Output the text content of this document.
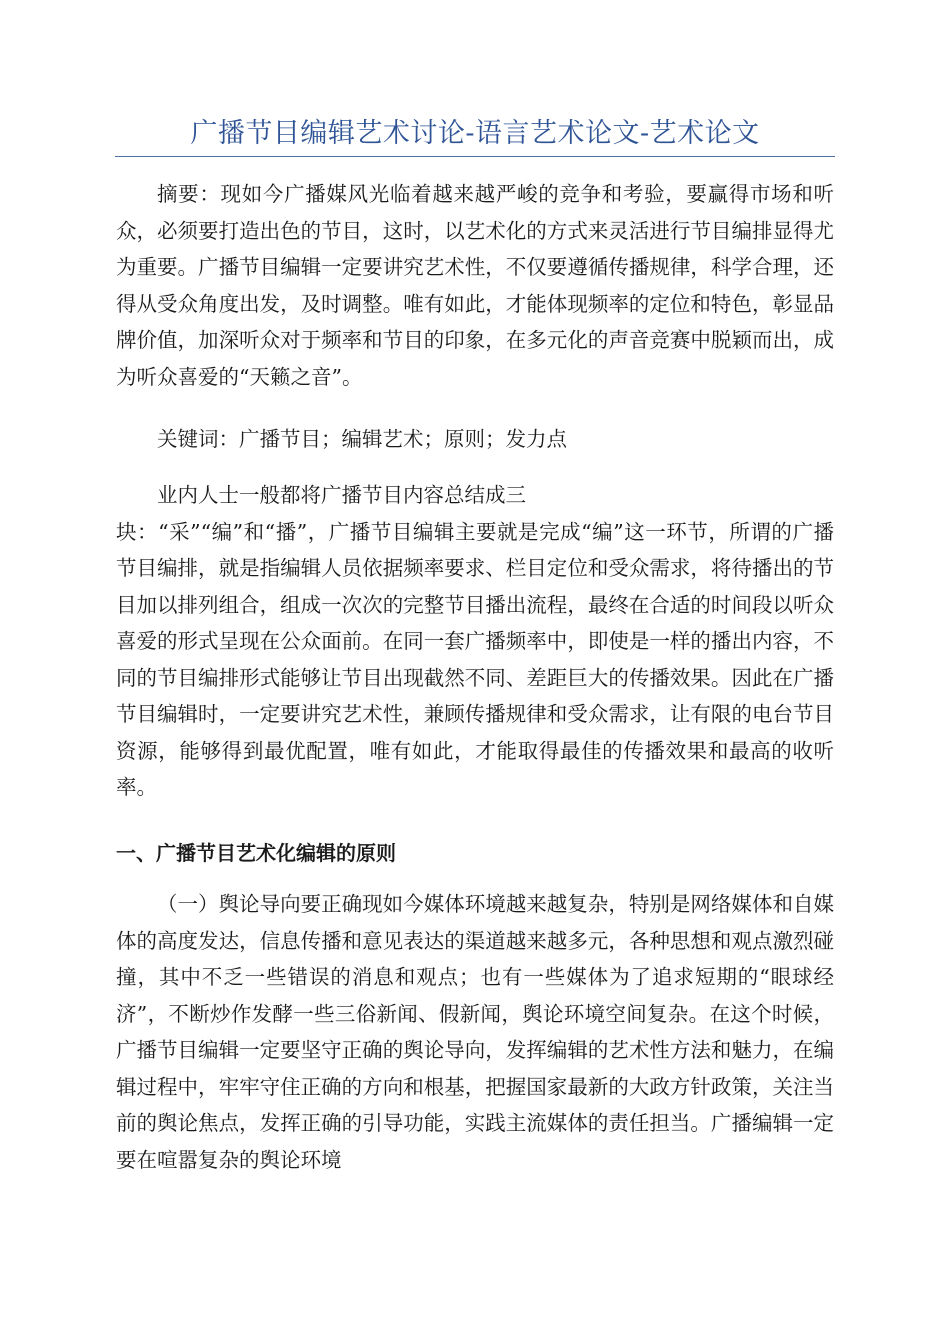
广播节目编辑艺术讨论-语言艺术论文-艺术论文

摘要：现如今广播媒风光临着越来越严峻的竞争和考验，要赢得市场和听众，必须要打造出色的节目，这时，以艺术化的方式来灵活进行节目编排显得尤为重要。广播节目编辑一定要讲究艺术性，不仅要遵循传播规律，科学合理，还得从受众角度出发，及时调整。唯有如此，才能体现频率的定位和特色，彰显品牌价值，加深听众对于频率和节目的印象，在多元化的声音竞赛中脱颖而出，成为听众喜爱的“天籁之音”。

关键词：广播节目；编辑艺术；原则；发力点

业内人士一般都将广播节目内容总结成三
块：“采”“编”和“播”，广播节目编辑主要就是完成“编”这一环节，所谓的广播节目编排，就是指编辑人员依据频率要求、栏目定位和受众需求，将待播出的节目加以排列组合，组成一次次的完整节目播出流程，最终在合适的时间段以听众喜爱的形式呈现在公众面前。在同一套广播频率中，即使是一样的播出内容，不同的节目编排形式能够让节目出现截然不同、差距巨大的传播效果。因此在广播节目编辑时，一定要讲究艺术性，兼顾传播规律和受众需求，让有限的电台节目资源，能够得到最优配置，唯有如此，才能取得最佳的传播效果和最高的收听率。
一、广播节目艺术化编辑的原则

（一）舆论导向要正确现如今媒体环境越来越复杂，特别是网络媒体和自媒体的高度发达，信息传播和意见表达的渠道越来越多元，各种思想和观点激烈碰撞，其中不乏一些错误的消息和观点；也有一些媒体为了追求短期的“眼球经济”，不断炒作发酵一些三俗新闻、假新闻，舆论环境空间复杂。在这个时候，广播节目编辑一定要坚守正确的舆论导向，发挥编辑的艺术性方法和魅力，在编辑过程中，牢牢守住正确的方向和根基，把握国家最新的大政方针政策，关注当前的舆论焦点，发挥正确的引导功能，实践主流媒体的责任担当。广播编辑一定要在喧嚣复杂的舆论环境
